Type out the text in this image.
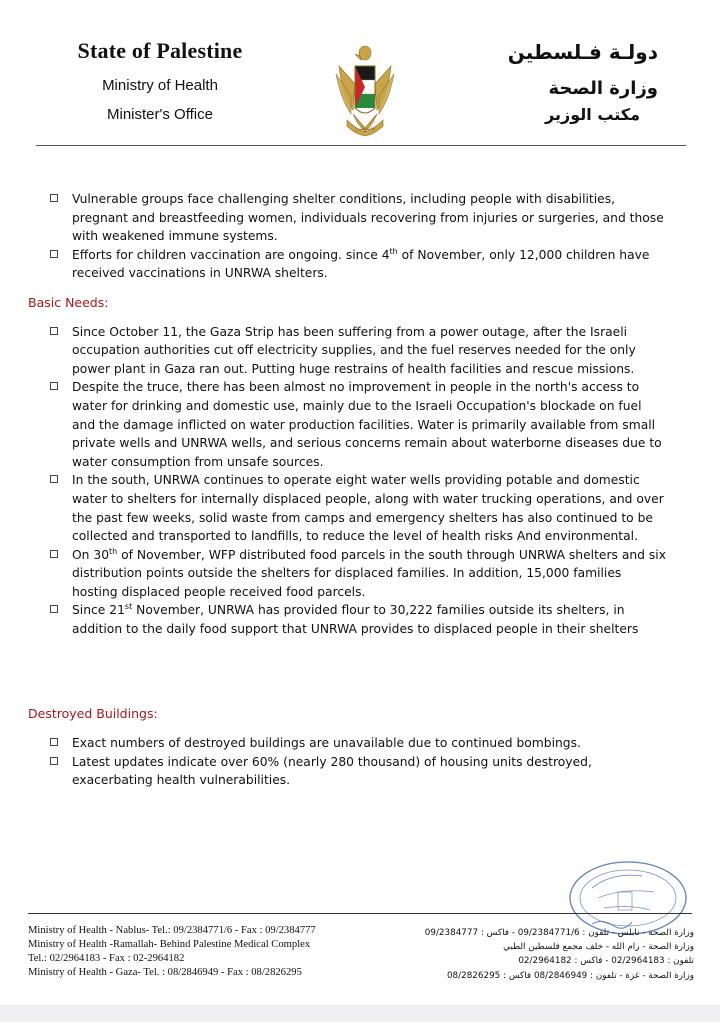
State of Palestine
Ministry of Health
Minister's Office
فلسطين
دولـة فـلسطين
وزارة الصحة
مكتب الوزير
Vulnerable groups face challenging shelter conditions, including people with disabilities, pregnant and breastfeeding women, individuals recovering from injuries or surgeries, and those with weakened immune systems.
Efforts for children vaccination are ongoing. since 4th of November, only 12,000 children have received vaccinations in UNRWA shelters.
Basic Needs:
Since October 11, the Gaza Strip has been suffering from a power outage, after the Israeli occupation authorities cut off electricity supplies, and the fuel reserves needed for the only power plant in Gaza ran out. Putting huge restrains of health facilities and rescue missions.
Despite the truce, there has been almost no improvement in people in the north's access to water for drinking and domestic use, mainly due to the Israeli Occupation's blockade on fuel and the damage inflicted on water production facilities. Water is primarily available from small private wells and UNRWA wells, and serious concerns remain about waterborne diseases due to water consumption from unsafe sources.
In the south, UNRWA continues to operate eight water wells providing potable and domestic water to shelters for internally displaced people, along with water trucking operations, and over the past few weeks, solid waste from camps and emergency shelters has also continued to be collected and transported to landfills, to reduce the level of health risks And environmental.
On 30th of November, WFP distributed food parcels in the south through UNRWA shelters and six distribution points outside the shelters for displaced families. In addition, 15,000 families hosting displaced people received food parcels.
Since 21st November, UNRWA has provided flour to 30,222 families outside its shelters, in addition to the daily food support that UNRWA provides to displaced people in their shelters
Destroyed Buildings:
Exact numbers of destroyed buildings are unavailable due to continued bombings.
Latest updates indicate over 60% (nearly 280 thousand) of housing units destroyed, exacerbating health vulnerabilities.
Ministry of Health - Nablus- Tel.: 09/2384771/6 - Fax : 09/2384777
Ministry of Health -Ramallah- Behind Palestine Medical Complex
Tel.: 02/2964183 - Fax : 02-2964182
Ministry of Health - Gaza- Tel. : 08/2846949 - Fax : 08/2826295
وزارة الصحة - نابلس - تلفون : 09/2384771/6 - فاكس : 09/2384777
وزارة الصحة - رام الله - خلف مجمع فلسطين الطبي
تلفون : 02/2964183 - فاكس : 02/2964182
وزارة الصحة - غزة - تلفون : 08/2846949 فاكس : 08/2826295
